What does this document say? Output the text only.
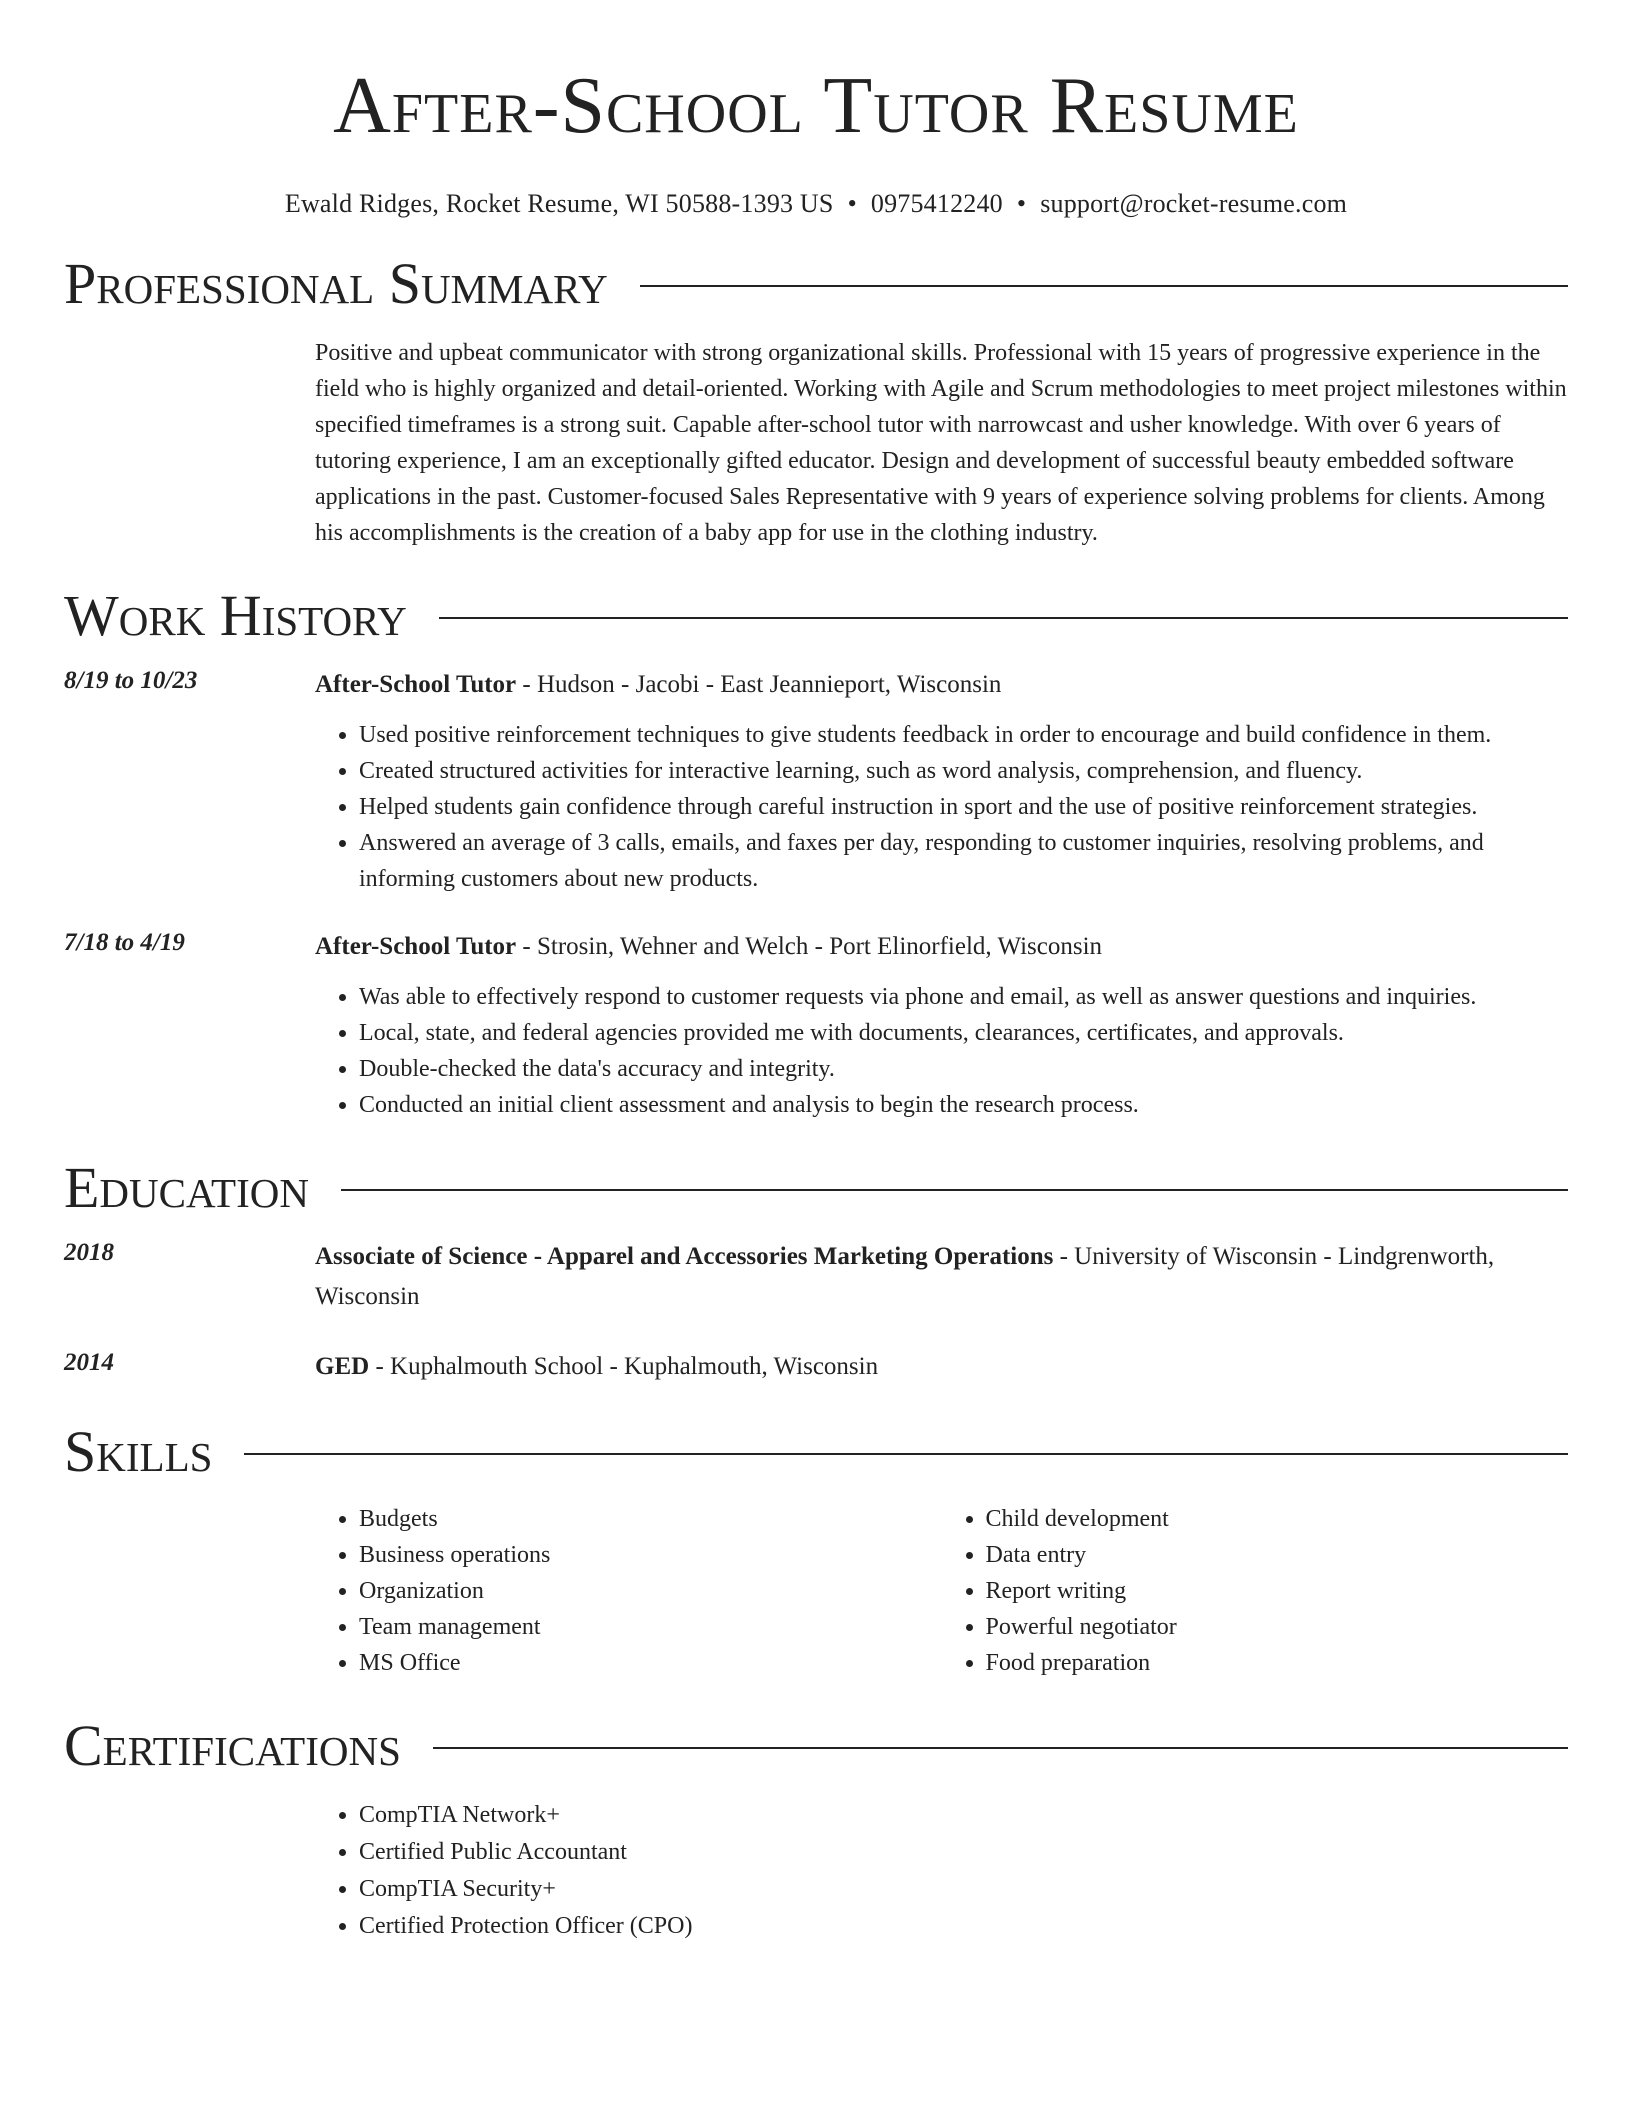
After-School Tutor Resume
Ewald Ridges, Rocket Resume, WI 50588-1393 US • 0975412240 • support@rocket-resume.com
Professional Summary
Positive and upbeat communicator with strong organizational skills. Professional with 15 years of progressive experience in the field who is highly organized and detail-oriented. Working with Agile and Scrum methodologies to meet project milestones within specified timeframes is a strong suit. Capable after-school tutor with narrowcast and usher knowledge. With over 6 years of tutoring experience, I am an exceptionally gifted educator. Design and development of successful beauty embedded software applications in the past. Customer-focused Sales Representative with 9 years of experience solving problems for clients. Among his accomplishments is the creation of a baby app for use in the clothing industry.
Work History
8/19 to 10/23	After-School Tutor - Hudson - Jacobi - East Jeannieport, Wisconsin
• Used positive reinforcement techniques to give students feedback in order to encourage and build confidence in them.
• Created structured activities for interactive learning, such as word analysis, comprehension, and fluency.
• Helped students gain confidence through careful instruction in sport and the use of positive reinforcement strategies.
• Answered an average of 3 calls, emails, and faxes per day, responding to customer inquiries, resolving problems, and informing customers about new products.
7/18 to 4/19	After-School Tutor - Strosin, Wehner and Welch - Port Elinorfield, Wisconsin
• Was able to effectively respond to customer requests via phone and email, as well as answer questions and inquiries.
• Local, state, and federal agencies provided me with documents, clearances, certificates, and approvals.
• Double-checked the data's accuracy and integrity.
• Conducted an initial client assessment and analysis to begin the research process.
Education
2018	Associate of Science - Apparel and Accessories Marketing Operations - University of Wisconsin - Lindgrenworth, Wisconsin
2014	GED - Kuphalmouth School - Kuphalmouth, Wisconsin
Skills
• Budgets
• Business operations
• Organization
• Team management
• MS Office
• Child development
• Data entry
• Report writing
• Powerful negotiator
• Food preparation
Certifications
• CompTIA Network+
• Certified Public Accountant
• CompTIA Security+
• Certified Protection Officer (CPO)
